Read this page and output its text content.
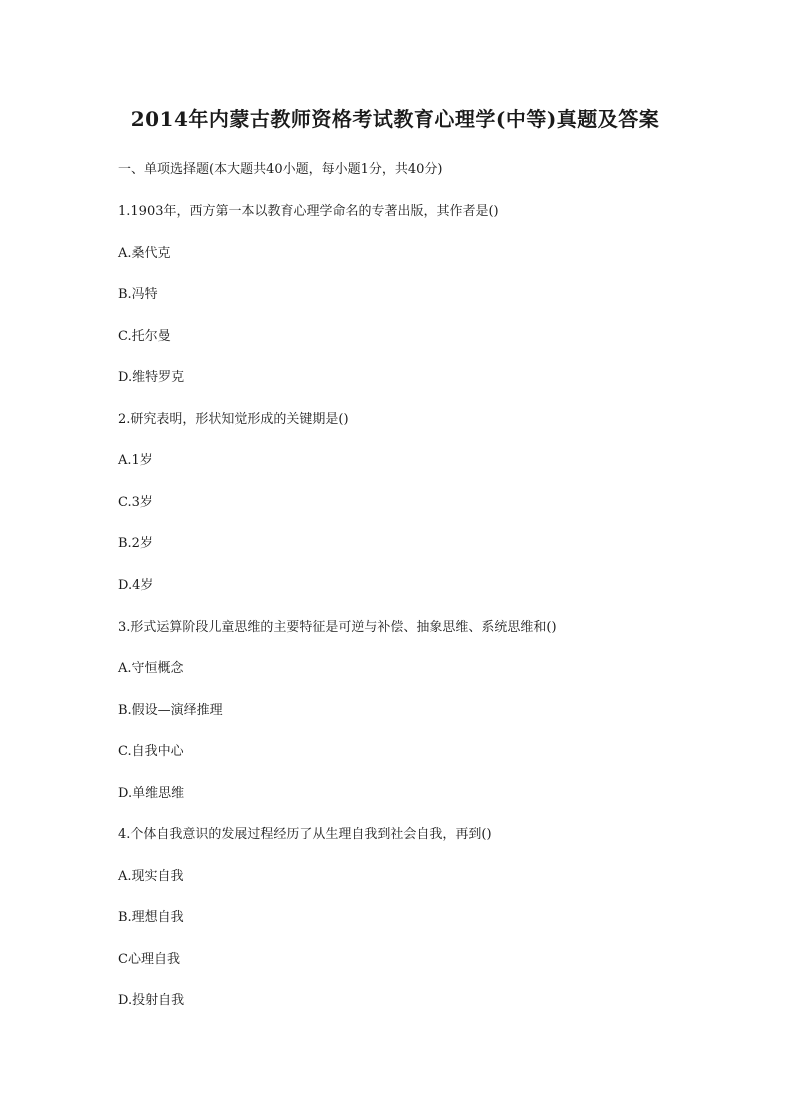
2014年内蒙古教师资格考试教育心理学(中等)真题及答案
一、单项选择题(本大题共40小题，每小题1分，共40分)
1.1903年，西方第一本以教育心理学命名的专著出版，其作者是()
A.桑代克
B.冯特
C.托尔曼
D.维特罗克
2.研究表明，形状知觉形成的关键期是()
A.1岁
C.3岁
B.2岁
D.4岁
3.形式运算阶段儿童思维的主要特征是可逆与补偿、抽象思维、系统思维和()
A.守恒概念
B.假设—演绎推理
C.自我中心
D.单维思维
4.个体自我意识的发展过程经历了从生理自我到社会自我，再到()
A.现实自我
B.理想自我
C心理自我
D.投射自我
